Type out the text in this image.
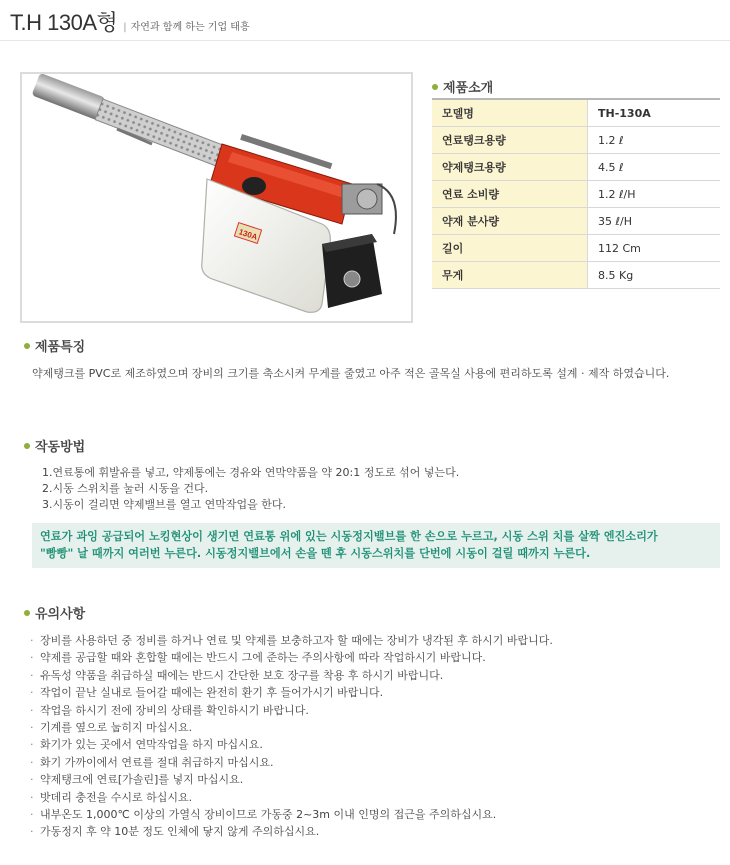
T.H 130A형 | 자연과 함께 하는 기업 태흥
130A
제품소개
모델명	TH-130A
연료탱크용량	1.2 ℓ
약제탱크용량	4.5 ℓ
연료 소비량	1.2 ℓ/H
약재 분사량	35 ℓ/H
길이	112 Cm
무게	8.5 Kg
제품특징
약제탱크를 PVC로 제조하였으며 장비의 크기를 축소시켜 무게를 줄였고 아주 적은 골목실 사용에 편리하도록 설계 · 제작 하였습니다.
작동방법
1.연료통에 휘발유를 넣고, 약제통에는 경유와 연막약품을 약 20:1 정도로 섞어 넣는다.
2.시동 스위치를 눌러 시동을 건다.
3.시동이 걸리면 약제밸브를 열고 연막작업을 한다.
연료가 과잉 공급되어 노킹현상이 생기면 연료통 위에 있는 시동정지밸브를 한 손으로 누르고, 시동 스위 치를 살짝 엔진소리가
"빵빵" 날 때까지 여러번 누른다. 시동정지밸브에서 손을 뗀 후 시동스위치를 단번에 시동이 걸릴 때까지 누른다.
유의사항
· 장비를 사용하던 중 정비를 하거나 연료 및 약제를 보충하고자 할 때에는 장비가 냉각된 후 하시기 바랍니다.
· 약제를 공급할 때와 혼합할 때에는 반드시 그에 준하는 주의사항에 따라 작업하시기 바랍니다.
· 유독성 약품을 취급하실 때에는 반드시 간단한 보호 장구를 착용 후 하시기 바랍니다.
· 작업이 끝난 실내로 들어갈 때에는 완전히 환기 후 들어가시기 바랍니다.
· 작업을 하시기 전에 장비의 상태를 확인하시기 바랍니다.
· 기계를 옆으로 눕히지 마십시요.
· 화기가 있는 곳에서 연막작업을 하지 마십시요.
· 화기 가까이에서 연료를 절대 취급하지 마십시요.
· 약제탱크에 연료[가솔린]를 넣지 마십시요.
· 밧데리 충전을 수시로 하십시요.
· 내부온도 1,000℃ 이상의 가열식 장비이므로 가동중 2~3m 이내 인명의 접근을 주의하십시요.
· 가동정지 후 약 10분 정도 인체에 닿지 않게 주의하십시요.
